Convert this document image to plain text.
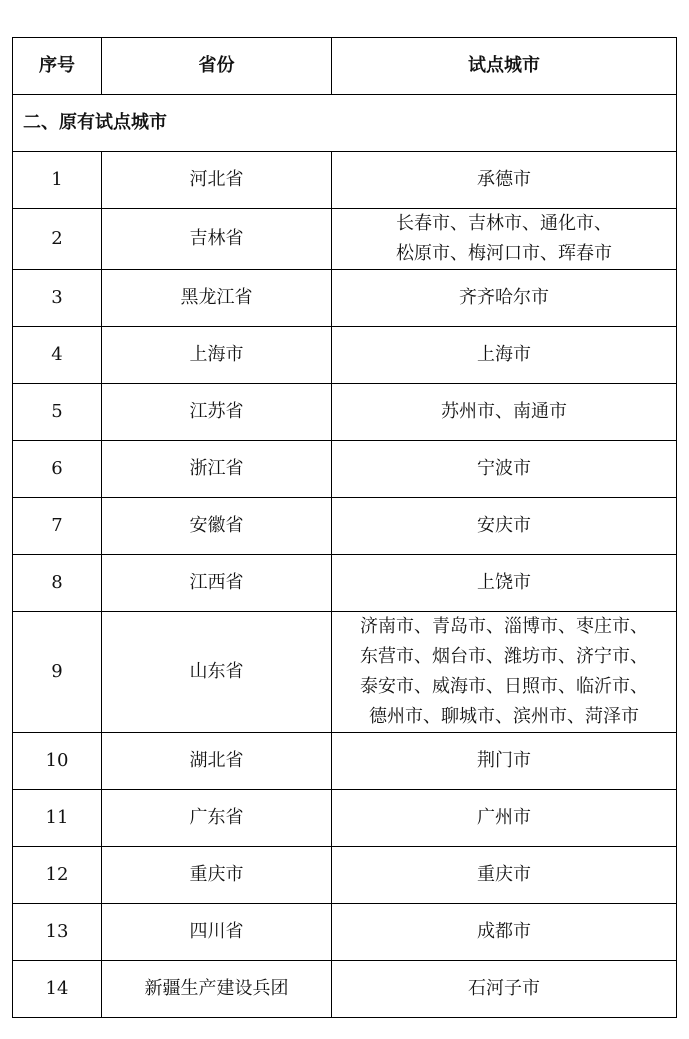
序号	省份	试点城市
二、原有试点城市		
1	河北省	承德市

2	吉林省	长春市、吉林市、通化市、
松原市、梅河口市、珲春市

3	黑龙江省	齐齐哈尔市

4	上海市	上海市

5	江苏省	苏州市、南通市

6	浙江省	宁波市

7	安徽省	安庆市

8	江西省	上饶市

9	山东省	济南市、青岛市、淄博市、枣庄市、
东营市、烟台市、潍坊市、济宁市、
泰安市、威海市、日照市、临沂市、
德州市、聊城市、滨州市、菏泽市

10	湖北省	荆门市

11	广东省	广州市

12	重庆市	重庆市

13	四川省	成都市

14	新疆生产建设兵团	石河子市
